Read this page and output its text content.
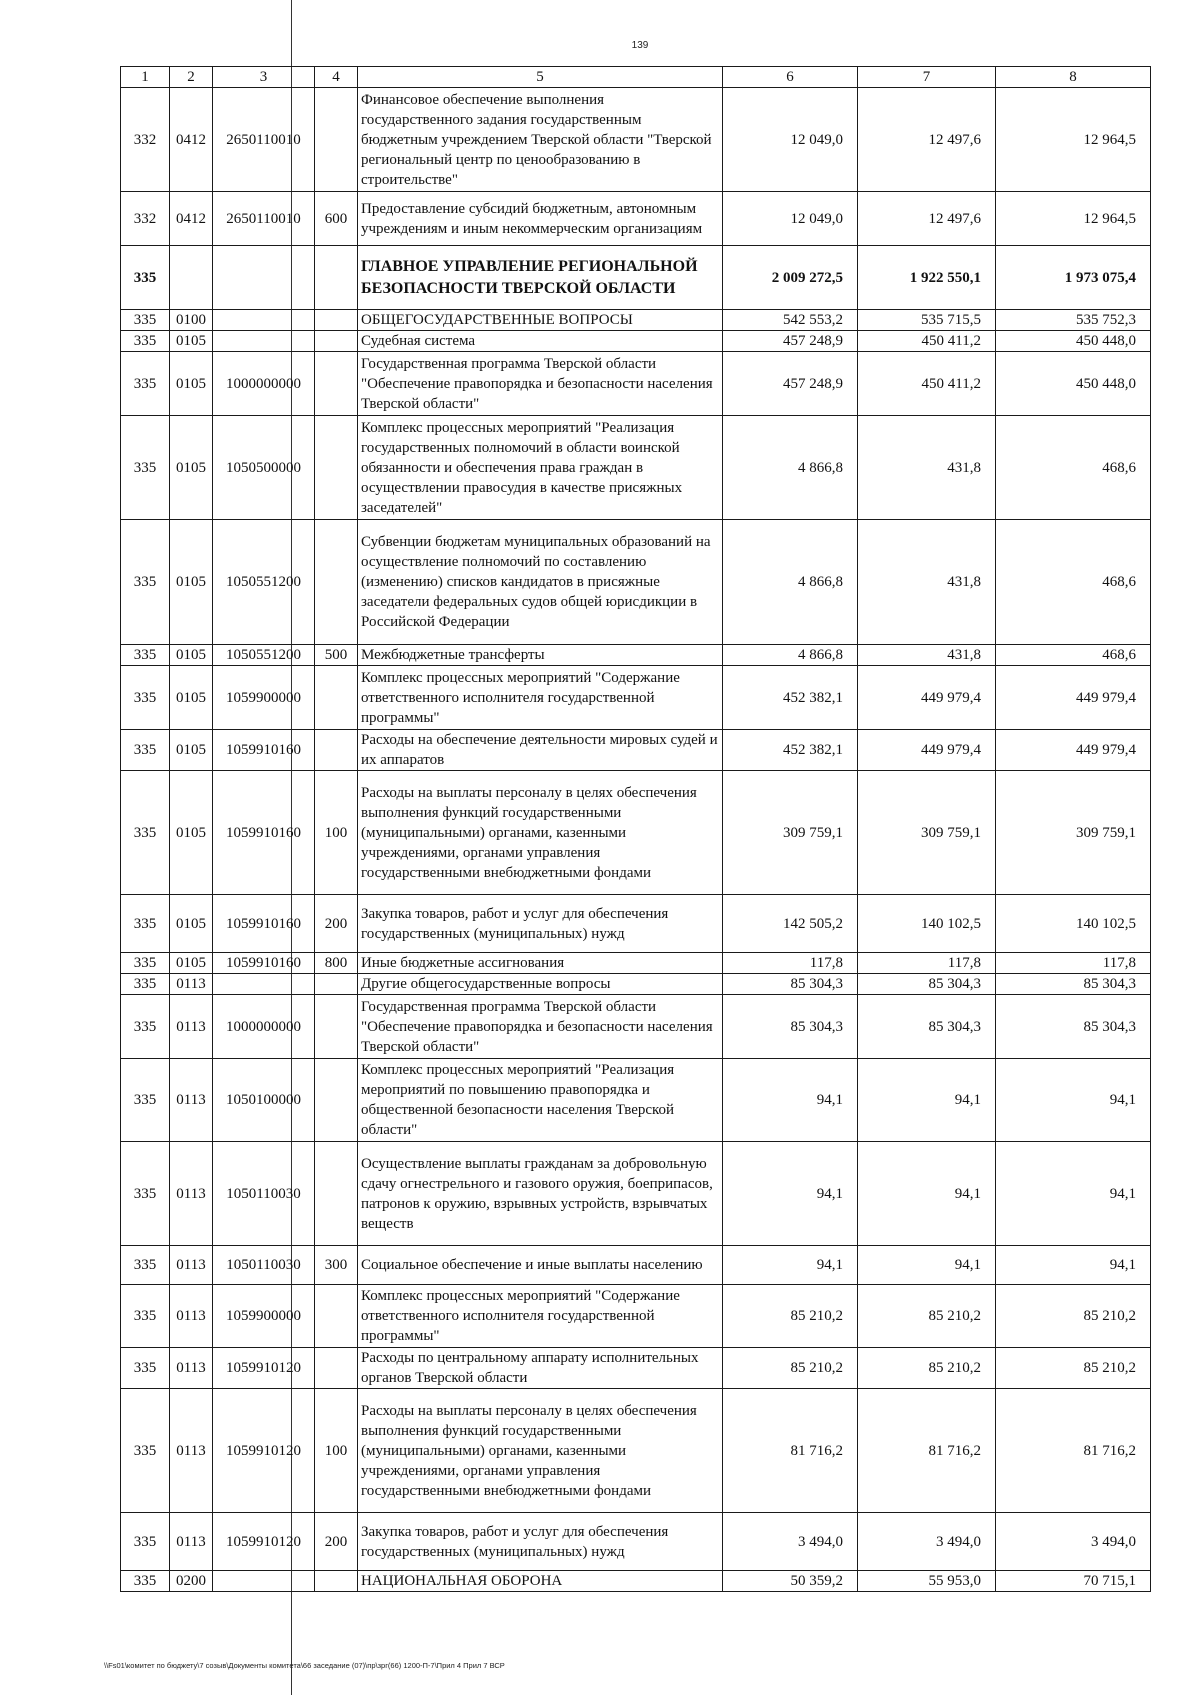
139
1	2	3	4	5	6	7	8
332	0412	2650110010		Финансовое обеспечение выполнения государственного задания государственным бюджетным учреждением Тверской области "Тверской региональный центр по ценообразованию в строительстве"	12 049,0	12 497,6	12 964,5
332	0412	2650110010	600	Предоставление субсидий бюджетным, автономным учреждениям и иным некоммерческим организациям	12 049,0	12 497,6	12 964,5
335				ГЛАВНОЕ УПРАВЛЕНИЕ РЕГИОНАЛЬНОЙ БЕЗОПАСНОСТИ ТВЕРСКОЙ ОБЛАСТИ	2 009 272,5	1 922 550,1	1 973 075,4
335	0100			ОБЩЕГОСУДАРСТВЕННЫЕ ВОПРОСЫ	542 553,2	535 715,5	535 752,3
335	0105			Судебная система	457 248,9	450 411,2	450 448,0
335	0105	1000000000		Государственная программа Тверской области "Обеспечение правопорядка и безопасности населения Тверской области"	457 248,9	450 411,2	450 448,0
335	0105	1050500000		Комплекс процессных мероприятий "Реализация государственных полномочий в области воинской обязанности и обеспечения права граждан в осуществлении правосудия в качестве присяжных заседателей"	4 866,8	431,8	468,6
335	0105	1050551200		Субвенции бюджетам муниципальных образований на осуществление полномочий по составлению (изменению) списков кандидатов в присяжные заседатели федеральных судов общей юрисдикции в Российской Федерации	4 866,8	431,8	468,6
335	0105	1050551200	500	Межбюджетные трансферты	4 866,8	431,8	468,6
335	0105	1059900000		Комплекс процессных мероприятий "Содержание ответственного исполнителя государственной программы"	452 382,1	449 979,4	449 979,4
335	0105	1059910160		Расходы на обеспечение деятельности мировых судей и их аппаратов	452 382,1	449 979,4	449 979,4
335	0105	1059910160	100	Расходы на выплаты персоналу в целях обеспечения выполнения функций государственными (муниципальными) органами, казенными учреждениями, органами управления государственными внебюджетными фондами	309 759,1	309 759,1	309 759,1
335	0105	1059910160	200	Закупка товаров, работ и услуг для обеспечения государственных (муниципальных) нужд	142 505,2	140 102,5	140 102,5
335	0105	1059910160	800	Иные бюджетные ассигнования	117,8	117,8	117,8
335	0113			Другие общегосударственные вопросы	85 304,3	85 304,3	85 304,3
335	0113	1000000000		Государственная программа Тверской области "Обеспечение правопорядка и безопасности населения Тверской области"	85 304,3	85 304,3	85 304,3
335	0113	1050100000		Комплекс процессных мероприятий "Реализация мероприятий по повышению правопорядка и общественной безопасности населения Тверской области"	94,1	94,1	94,1
335	0113	1050110030		Осуществление выплаты гражданам за добровольную сдачу огнестрельного и газового оружия, боеприпасов, патронов к оружию, взрывных устройств, взрывчатых веществ	94,1	94,1	94,1
335	0113	1050110030	300	Социальное обеспечение и иные выплаты населению	94,1	94,1	94,1
335	0113	1059900000		Комплекс процессных мероприятий "Содержание ответственного исполнителя государственной программы"	85 210,2	85 210,2	85 210,2
335	0113	1059910120		Расходы по центральному аппарату исполнительных органов Тверской области	85 210,2	85 210,2	85 210,2
335	0113	1059910120	100	Расходы на выплаты персоналу в целях обеспечения выполнения функций государственными (муниципальными) органами, казенными учреждениями, органами управления государственными внебюджетными фондами	81 716,2	81 716,2	81 716,2
335	0113	1059910120	200	Закупка товаров, работ и услуг для обеспечения государственных (муниципальных) нужд	3 494,0	3 494,0	3 494,0
335	0200			НАЦИОНАЛЬНАЯ ОБОРОНА	50 359,2	55 953,0	70 715,1
\\Fs01\комитет по бюджету\7 созыв\Документы комитета\66 заседание (07)\пр\зрг(66) 1200-П-7\Прил 4 Прил 7 ВСР
